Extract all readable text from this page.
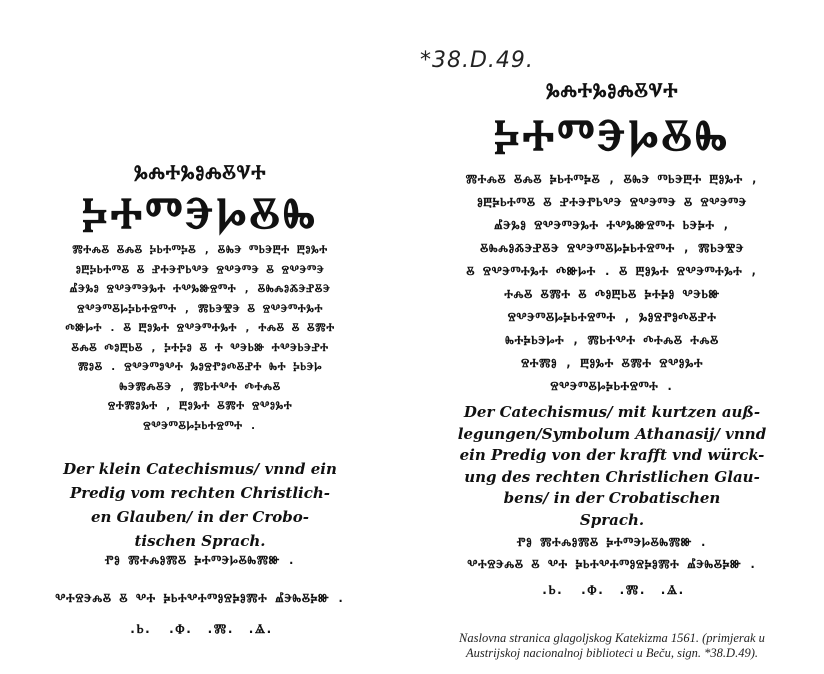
ⰃⰎⰀⰃⰑⰎⰋⰜⰀ
ⰍⰀⰕⰅⰘⰋⰈ
ⰏⰀⰎⰋ ⰋⰎⰋ ⰍⰓⰀⰕⰍⰋ , ⰋⰈⰅ ⰕⰓⰅⰁⰀ ⰁⰑⰃⰀ
ⰑⰁⰍⰓⰀⰕⰋ Ⰻ ⰐⰀⰅⰒⰓⰂⰅ ⰔⰂⰅⰕⰅ Ⰻ ⰔⰂⰅⰕⰅ
ⰌⰅⰃⰑ ⰔⰂⰅⰕⰅⰃⰀ ⰀⰂⰃⰖⰔⰕⰀ , ⰋⰈⰎⰑⰆⰅⰐⰋⰅ
ⰔⰂⰅⰕⰋⰘⰍⰓⰀⰔⰕⰀ , ⰏⰓⰅⰊⰅ Ⰻ ⰔⰂⰅⰕⰀⰃⰀ
ⰄⰖⰘⰀ . Ⰻ ⰁⰑⰃⰀ ⰔⰂⰅⰕⰀⰃⰀ , ⰀⰎⰋ Ⰻ ⰋⰏⰀ
ⰋⰎⰋ ⰄⰑⰁⰓⰋ , ⰍⰀⰍⰑ Ⰻ Ⰰ ⰂⰅⰓⰖ ⰀⰂⰅⰓⰅⰐⰀ
ⰏⰑⰋ . ⰔⰂⰅⰕⰑⰂⰀ ⰃⰑⰔⰒⰑⰄⰋⰐⰀ ⰈⰀ ⰍⰓⰅⰘ
ⰈⰅⰏⰎⰋⰅ , ⰏⰓⰀⰂⰀ ⰄⰀⰎⰋ
ⰔⰀⰏⰑⰃⰀ , ⰁⰑⰃⰀ ⰋⰏⰀ ⰔⰂⰑⰃⰀ
ⰔⰂⰅⰕⰋⰘⰍⰓⰀⰔⰕⰀ .
Der klein Catechismus/ vnnd ein
Predig vom rechten Christlich-
en Glauben/ in der Crobo-
tischen Sprach.
ⰒⰑ ⰏⰀⰎⰑⰏⰋ ⰍⰀⰕⰅⰘⰋⰈⰏⰖ .
ⰂⰀⰔⰅⰎⰋ Ⰻ ⰂⰀ ⰍⰓⰀⰂⰀⰕⰑⰔⰍⰑⰏⰀ ⰌⰅⰈⰋⰍⰖ .
.Ⱃ. .Ⱇ. .Ⰿ. .Ⱑ.
ⰃⰎⰀⰃⰑⰎⰋⰜⰀ
ⰍⰀⰕⰅⰘⰋⰈ
ⰏⰀⰎⰋ ⰋⰎⰋ ⰍⰓⰀⰕⰍⰋ , ⰋⰈⰅ ⰕⰓⰅⰁⰀ ⰁⰑⰃⰀ ,
ⰑⰁⰍⰓⰀⰕⰋ Ⰻ ⰐⰀⰅⰒⰓⰂⰅ ⰔⰂⰅⰕⰅ Ⰻ ⰔⰂⰅⰕⰅ
ⰌⰅⰃⰑ ⰔⰂⰅⰕⰅⰃⰀ ⰀⰂⰃⰖⰔⰕⰀ ⰓⰅⰍⰀ ,
ⰋⰈⰎⰑⰆⰅⰐⰋⰅ ⰔⰂⰅⰕⰋⰘⰍⰓⰀⰔⰕⰀ , ⰏⰓⰅⰊⰅ
Ⰻ ⰔⰂⰅⰕⰀⰃⰀ ⰄⰖⰘⰀ . Ⰻ ⰁⰑⰃⰀ ⰔⰂⰅⰕⰀⰃⰀ ,
ⰀⰎⰋ ⰋⰏⰀ Ⰻ ⰄⰑⰁⰓⰋ ⰍⰀⰍⰑ ⰂⰅⰓⰖ
ⰔⰂⰅⰕⰋⰘⰍⰓⰀⰔⰕⰀ , ⰃⰑⰔⰒⰑⰄⰋⰐⰀ
ⰈⰀⰍⰓⰅⰘⰀ , ⰏⰓⰀⰂⰀ ⰄⰀⰎⰋ ⰀⰎⰋ
ⰔⰀⰏⰑ , ⰁⰑⰃⰀ ⰋⰏⰀ ⰔⰂⰑⰃⰀ
ⰔⰂⰅⰕⰋⰘⰍⰓⰀⰔⰕⰀ .
Der Catechismus/ mit kurtzen auß-
legungen/Symbolum Athanasij/ vnnd
ein Predig von der krafft vnd würck-
ung des rechten Christlichen Glau-
bens/ in der Crobatischen
Sprach.
ⰒⰑ ⰏⰀⰎⰑⰏⰋ ⰍⰀⰕⰅⰘⰋⰈⰏⰖ .
ⰂⰀⰔⰅⰎⰋ Ⰻ ⰂⰀ ⰍⰓⰀⰂⰀⰕⰑⰔⰍⰑⰏⰀ ⰌⰅⰈⰋⰍⰖ .
.Ⱃ. .Ⱇ. .Ⰿ. .Ⱑ.
*38.D.49.
Naslovna stranica glagoljskog Katekizma 1561. (primjerak u
Austrijskoj nacionalnoj biblioteci u Beču, sign. *38.D.49).
